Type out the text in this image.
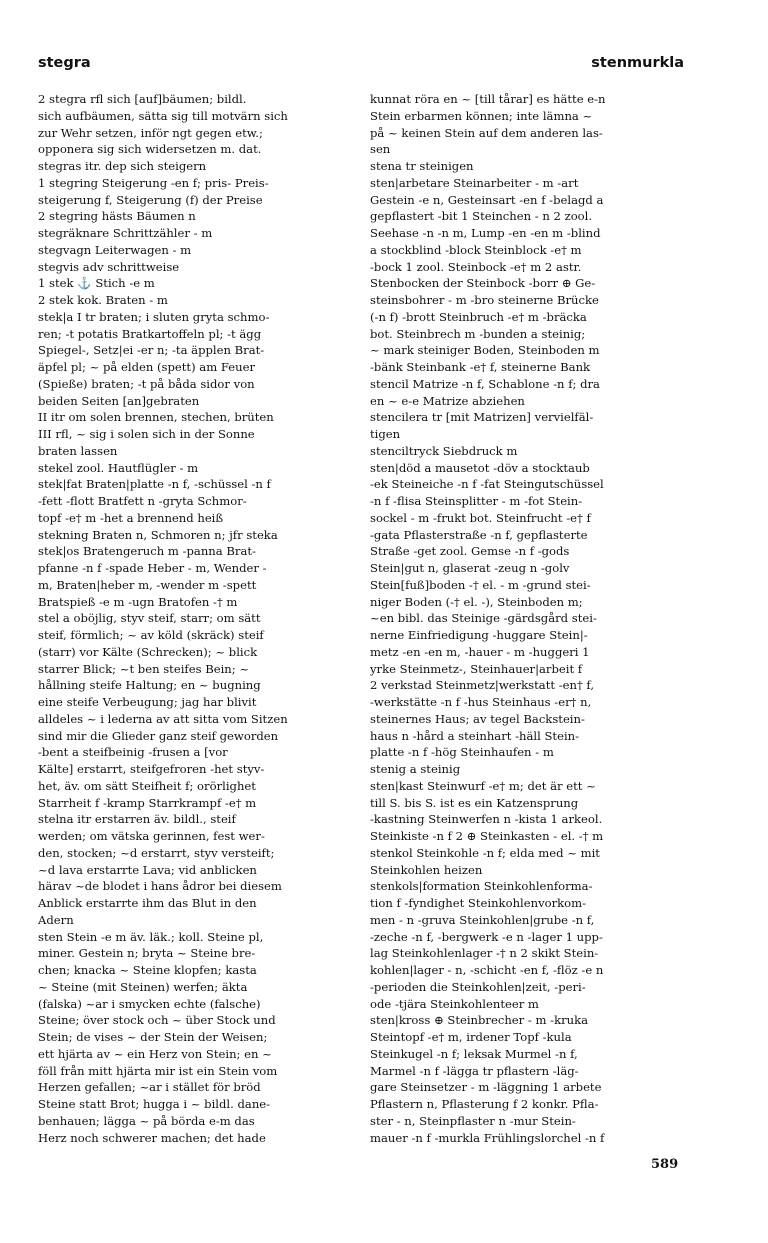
stegra	stenmurkla
2 stegra rfl sich [auf]bäumen; bildl.
sich aufbäumen, sätta sig till motvärn sich
zur Wehr setzen, inför ngt gegen etw.;
opponera sig sich widersetzen m. dat.
stegras itr. dep sich steigern
1 stegring Steigerung -en f; pris- Preis-
steigerung f, Steigerung (f) der Preise
2 stegring hästs Bäumen n
stegräknare Schrittzähler - m
stegvagn Leiterwagen - m
stegvis adv schrittweise
1 stek ⚓ Stich -e m
2 stek kok. Braten - m
stek|a I tr braten; i sluten gryta schmo-
ren; -t potatis Bratkartoffeln pl; -t ägg
Spiegel-, Setz|ei -er n; -ta äpplen Brat-
äpfel pl; ~ på elden (spett) am Feuer
(Spieße) braten; -t på båda sidor von
beiden Seiten [an]gebraten
II itr om solen brennen, stechen, brüten
III rfl, ~ sig i solen sich in der Sonne
braten lassen
stekel zool. Hautflügler - m
stek|fat Braten|platte -n f, -schüssel -n f
-fett -flott Bratfett n -gryta Schmor-
topf -e† m -het a brennend heiß
stekning Braten n, Schmoren n; jfr steka
stek|os Bratengeruch m -panna Brat-
pfanne -n f -spade Heber - m, Wender -
m, Braten|heber m, -wender m -spett
Bratspieß -e m -ugn Bratofen -† m
stel a oböjlig, styv steif, starr; om sätt
steif, förmlich; ~ av köld (skräck) steif
(starr) vor Kälte (Schrecken); ~ blick
starrer Blick; ~t ben steifes Bein; ~
hållning steife Haltung; en ~ bugning
eine steife Verbeugung; jag har blivit
alldeles ~ i lederna av att sitta vom Sitzen
sind mir die Glieder ganz steif geworden
-bent a steifbeinig -frusen a [vor
Kälte] erstarrt, steifgefroren -het styv-
het, äv. om sätt Steifheit f; orörlighet
Starrheit f -kramp Starrkrampf -e† m
stelna itr erstarren äv. bildl., steif
werden; om vätska gerinnen, fest wer-
den, stocken; ~d erstarrt, styv versteift;
~d lava erstarrte Lava; vid anblicken
härav ~de blodet i hans ådror bei diesem
Anblick erstarrte ihm das Blut in den
Adern
sten Stein -e m äv. läk.; koll. Steine pl,
miner. Gestein n; bryta ~ Steine bre-
chen; knacka ~ Steine klopfen; kasta
~ Steine (mit Steinen) werfen; äkta
(falska) ~ar i smycken echte (falsche)
Steine; över stock och ~ über Stock und
Stein; de vises ~ der Stein der Weisen;
ett hjärta av ~ ein Herz von Stein; en ~
föll från mitt hjärta mir ist ein Stein vom
Herzen gefallen; ~ar i stället för bröd
Steine statt Brot; hugga i ~ bildl. dane-
benhauen; lägga ~ på börda e-m das
Herz noch schwerer machen; det hade
kunnat röra en ~ [till tårar] es hätte e-n
Stein erbarmen können; inte lämna ~
på ~ keinen Stein auf dem anderen las-
sen
stena tr steinigen
sten|arbetare Steinarbeiter - m -art
Gestein -e n, Gesteinsart -en f -belagd a
gepflastert -bit 1 Steinchen - n 2 zool.
Seehase -n -n m, Lump -en -en m -blind
a stockblind -block Steinblock -e† m
-bock 1 zool. Steinbock -e† m 2 astr.
Stenbocken der Steinbock -borr ⊕ Ge-
steinsbohrer - m -bro steinerne Brücke
(-n f) -brott Steinbruch -e† m -bräcka
bot. Steinbrech m -bunden a steinig;
~ mark steiniger Boden, Steinboden m
-bänk Steinbank -e† f, steinerne Bank
stencil Matrize -n f, Schablone -n f; dra
en ~ e-e Matrize abziehen
stencilera tr [mit Matrizen] vervielfäl-
tigen
stenciltryck Siebdruck m
sten|död a mausetot -döv a stocktaub
-ek Steineiche -n f -fat Steingutschüssel
-n f -flisa Steinsplitter - m -fot Stein-
sockel - m -frukt bot. Steinfrucht -e† f
-gata Pflasterstraße -n f, gepflasterte
Straße -get zool. Gemse -n f -gods
Stein|gut n, glaserat -zeug n -golv
Stein[fuß]boden -† el. - m -grund stei-
niger Boden (-† el. -), Steinboden m;
~en bibl. das Steinige -gärdsgård stei-
nerne Einfriedigung -huggare Stein|-
metz -en -en m, -hauer - m -huggeri 1
yrke Steinmetz-, Steinhauer|arbeit f
2 verkstad Steinmetz|werkstatt -en† f,
-werkstätte -n f -hus Steinhaus -er† n,
steinernes Haus; av tegel Backstein-
haus n -hård a steinhart -häll Stein-
platte -n f -hög Steinhaufen - m
stenig a steinig
sten|kast Steinwurf -e† m; det är ett ~
till S. bis S. ist es ein Katzensprung
-kastning Steinwerfen n -kista 1 arkeol.
Steinkiste -n f 2 ⊕ Steinkasten - el. -† m
stenkol Steinkohle -n f; elda med ~ mit
Steinkohlen heizen
stenkols|formation Steinkohlenforma-
tion f -fyndighet Steinkohlenvorkom-
men - n -gruva Steinkohlen|grube -n f,
-zeche -n f, -bergwerk -e n -lager 1 upp-
lag Steinkohlenlager -† n 2 skikt Stein-
kohlen|lager - n, -schicht -en f, -flöz -e n
-perioden die Steinkohlen|zeit, -peri-
ode -tjära Steinkohlenteer m
sten|kross ⊕ Steinbrecher - m -kruka
Steintopf -e† m, irdener Topf -kula
Steinkugel -n f; leksak Murmel -n f,
Marmel -n f -lägga tr pflastern -läg-
gare Steinsetzer - m -läggning 1 arbete
Pflastern n, Pflasterung f 2 konkr. Pfla-
ster - n, Steinpflaster n -mur Stein-
mauer -n f -murkla Frühlingslorchel -n f
589
